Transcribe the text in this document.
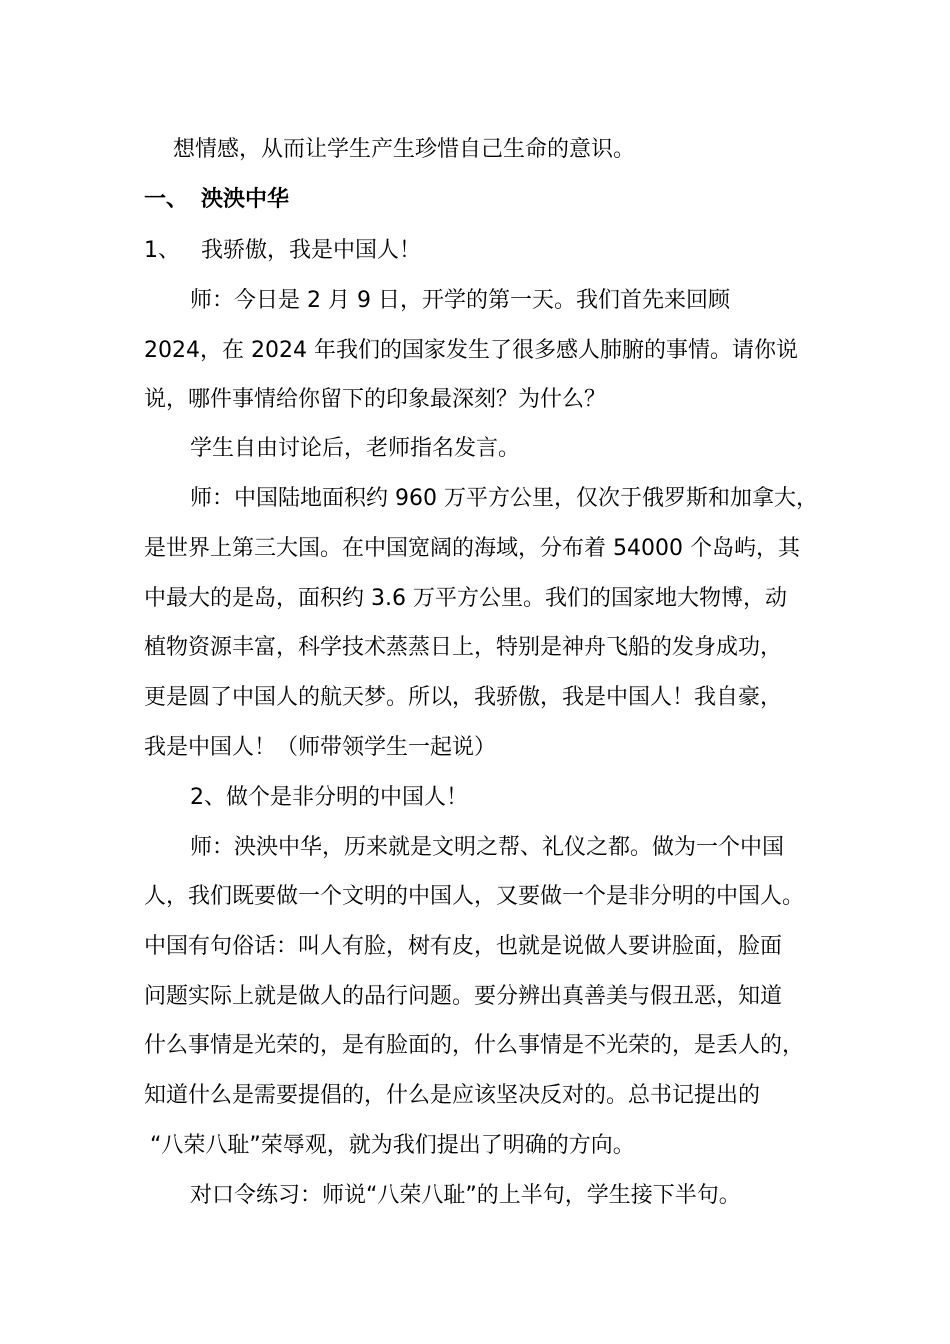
想情感，从而让学生产生珍惜自己生命的意识。
一、 泱泱中华
1、 我骄傲，我是中国人！
师：今日是 2 月 9 日，开学的第一天。我们首先来回顾
2024，在 2024 年我们的国家发生了很多感人肺腑的事情。请你说
说，哪件事情给你留下的印象最深刻？为什么？
学生自由讨论后，老师指名发言。
师：中国陆地面积约 960 万平方公里，仅次于俄罗斯和加拿大，
是世界上第三大国。在中国宽阔的海域，分布着 54000 个岛屿，其
中最大的是岛，面积约 3.6 万平方公里。我们的国家地大物博，动
植物资源丰富，科学技术蒸蒸日上，特别是神舟飞船的发身成功，
更是圆了中国人的航天梦。所以，我骄傲，我是中国人！我自豪，
我是中国人！（师带领学生一起说）
2、做个是非分明的中国人！
师：泱泱中华，历来就是文明之帮、礼仪之都。做为一个中国
人，我们既要做一个文明的中国人，又要做一个是非分明的中国人。
中国有句俗话：叫人有脸，树有皮，也就是说做人要讲脸面，脸面
问题实际上就是做人的品行问题。要分辨出真善美与假丑恶，知道
什么事情是光荣的，是有脸面的，什么事情是不光荣的，是丢人的，
知道什么是需要提倡的，什么是应该坚决反对的。总书记提出的
“八荣八耻”荣辱观，就为我们提出了明确的方向。
对口令练习：师说“八荣八耻”的上半句，学生接下半句。
